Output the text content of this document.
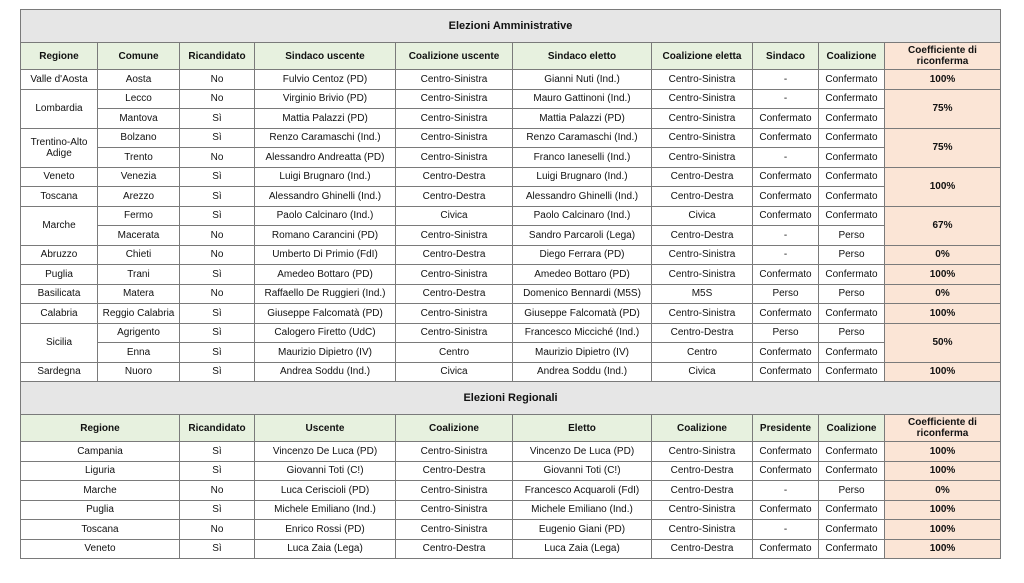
Elezioni Amministrative									
Regione	Comune	Ricandidato	Sindaco uscente	Coalizione uscente	Sindaco eletto	Coalizione eletta	Sindaco	Coalizione	Coefficiente di riconferma
Valle d'Aosta	Aosta	No	Fulvio Centoz (PD)	Centro-Sinistra	Gianni Nuti (Ind.)	Centro-Sinistra	-	Confermato	100%
Lombardia	Lecco	No	Virginio Brivio (PD)	Centro-Sinistra	Mauro Gattinoni (Ind.)	Centro-Sinistra	-	Confermato	75%
	Mantova	Sì	Mattia Palazzi (PD)	Centro-Sinistra	Mattia Palazzi (PD)	Centro-Sinistra	Confermato	Confermato	
Trentino-Alto Adige	Bolzano	Sì	Renzo Caramaschi (Ind.)	Centro-Sinistra	Renzo Caramaschi (Ind.)	Centro-Sinistra	Confermato	Confermato	75%
	Trento	No	Alessandro Andreatta (PD)	Centro-Sinistra	Franco Ianeselli (Ind.)	Centro-Sinistra	-	Confermato	
Veneto	Venezia	Sì	Luigi Brugnaro (Ind.)	Centro-Destra	Luigi Brugnaro (Ind.)	Centro-Destra	Confermato	Confermato	100%
Toscana	Arezzo	Sì	Alessandro Ghinelli (Ind.)	Centro-Destra	Alessandro Ghinelli (Ind.)	Centro-Destra	Confermato	Confermato	
Marche	Fermo	Sì	Paolo Calcinaro (Ind.)	Civica	Paolo Calcinaro (Ind.)	Civica	Confermato	Confermato	67%
	Macerata	No	Romano Carancini (PD)	Centro-Sinistra	Sandro Parcaroli (Lega)	Centro-Destra	-	Perso	
Abruzzo	Chieti	No	Umberto Di Primio (FdI)	Centro-Destra	Diego Ferrara (PD)	Centro-Sinistra	-	Perso	0%
Puglia	Trani	Sì	Amedeo Bottaro (PD)	Centro-Sinistra	Amedeo Bottaro (PD)	Centro-Sinistra	Confermato	Confermato	100%
Basilicata	Matera	No	Raffaello De Ruggieri (Ind.)	Centro-Destra	Domenico Bennardi (M5S)	M5S	Perso	Perso	0%
Calabria	Reggio Calabria	Sì	Giuseppe Falcomatà (PD)	Centro-Sinistra	Giuseppe Falcomatà (PD)	Centro-Sinistra	Confermato	Confermato	100%
Sicilia	Agrigento	Sì	Calogero Firetto (UdC)	Centro-Sinistra	Francesco Micciché (Ind.)	Centro-Destra	Perso	Perso	50%
	Enna	Sì	Maurizio Dipietro (IV)	Centro	Maurizio Dipietro (IV)	Centro	Confermato	Confermato	
Sardegna	Nuoro	Sì	Andrea Soddu (Ind.)	Civica	Andrea Soddu (Ind.)	Civica	Confermato	Confermato	100%
Elezioni Regionali									
Regione		Ricandidato	Uscente	Coalizione	Eletto	Coalizione	Presidente	Coalizione	Coefficiente di riconferma
Campania		Sì	Vincenzo De Luca (PD)	Centro-Sinistra	Vincenzo De Luca (PD)	Centro-Sinistra	Confermato	Confermato	100%
Liguria		Sì	Giovanni Toti (C!)	Centro-Destra	Giovanni Toti (C!)	Centro-Destra	Confermato	Confermato	100%
Marche		No	Luca Ceriscioli (PD)	Centro-Sinistra	Francesco Acquaroli (FdI)	Centro-Destra	-	Perso	0%
Puglia		Sì	Michele Emiliano (Ind.)	Centro-Sinistra	Michele Emiliano (Ind.)	Centro-Sinistra	Confermato	Confermato	100%
Toscana		No	Enrico Rossi (PD)	Centro-Sinistra	Eugenio Giani (PD)	Centro-Sinistra	-	Confermato	100%
Veneto		Sì	Luca Zaia (Lega)	Centro-Destra	Luca Zaia (Lega)	Centro-Destra	Confermato	Confermato	100%
